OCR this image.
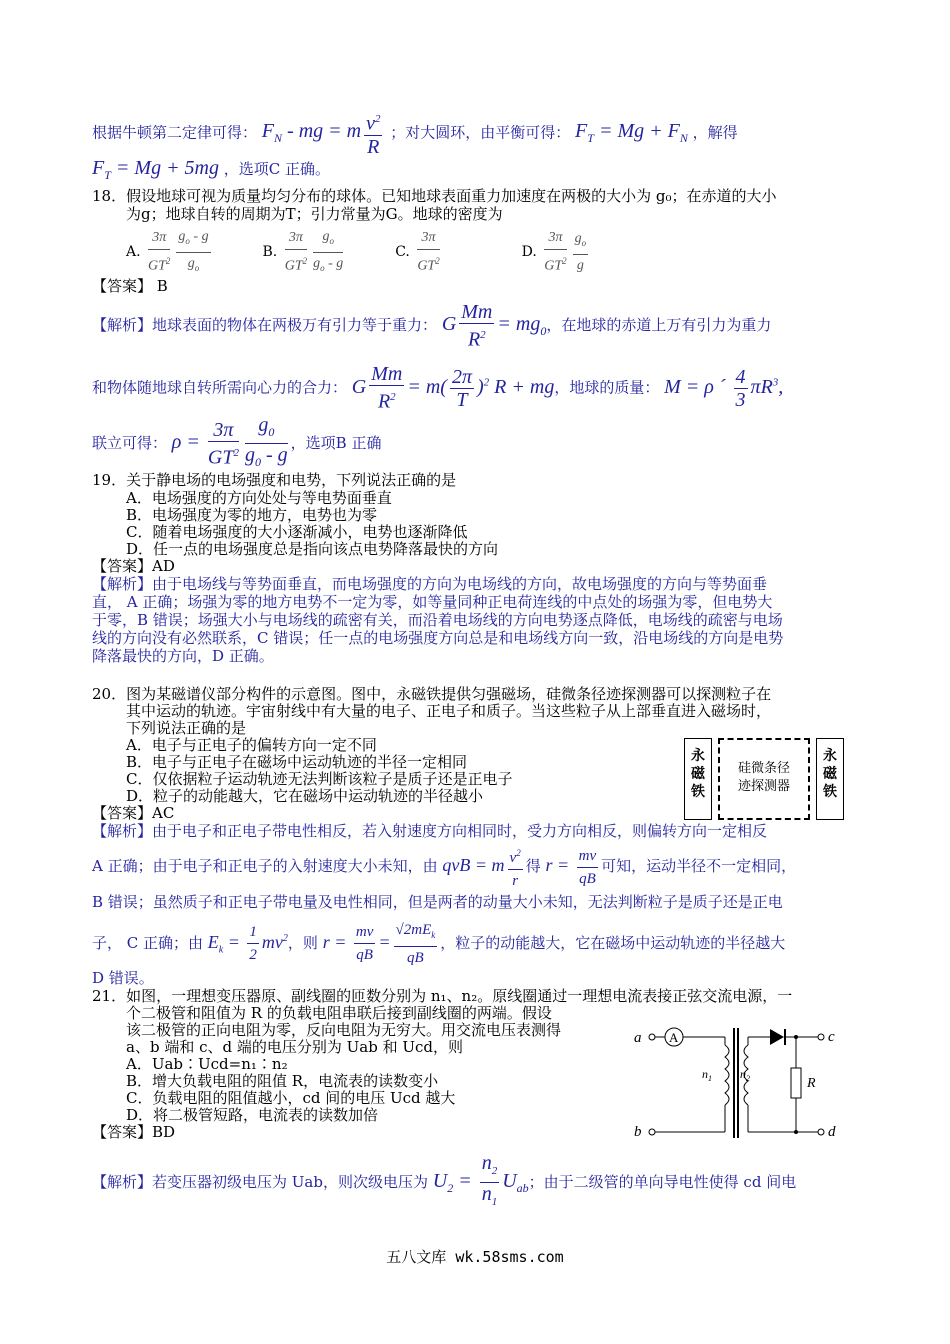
根据牛顿第二定律可得： $F_N$ - mg = m $\frac{v^2}{R}$ ；对大圆环，由平衡可得： $F_T = Mg + F_N$ ，解得
$F_T = Mg + 5mg$ ，选项C 正确。
18．假设地球可视为质量均匀分布的球体。已知地球表面重力加速度在两极的大小为 g₀；在赤道的大小
为g；地球自转的周期为T；引力常量为G。地球的密度为
A. $\frac{3\pi}{GT^2} \frac{g_o - g}{g_o}$	B. $\frac{3\pi}{GT^2} \frac{g_o}{g_o - g}$	C. $\frac{3\pi}{GT^2}$	D. $\frac{3\pi}{GT^2} \frac{g_o}{g}$
【答案】 B
【解析】地球表面的物体在两极万有引力等于重力： G $\frac{Mm}{R^2} = mg_0$，在地球的赤道上万有引力为重力
和物体随地球自转所需向心力的合力： G $\frac{Mm}{R^2} = m( \frac{2\pi}{T} )^2$ R + mg，地球的质量： M = ρ ´ $\frac{4}{3} \pi R^3$,
联立可得： $\rho = \frac{3\pi}{GT^2} \frac{g_0}{g_0 - g}$ ，选项B 正确
19．关于静电场的电场强度和电势，下列说法正确的是
A．电场强度的方向处处与等电势面垂直
B．电场强度为零的地方，电势也为零
C．随着电场强度的大小逐渐减小，电势也逐渐降低
D．任一点的电场强度总是指向该点电势降落最快的方向
【答案】AD
【解析】由于电场线与等势面垂直，而电场强度的方向为电场线的方向，故电场强度的方向与等势面垂
直， A 正确；场强为零的地方电势不一定为零，如等量同种正电荷连线的中点处的场强为零，但电势大
于零，B 错误；场强大小与电场线的疏密有关，而沿着电场线的方向电势逐点降低，电场线的疏密与电场
线的方向没有必然联系，C 错误；任一点的电场强度方向总是和电场线方向一致，沿电场线的方向是电势
降落最快的方向，D 正确。
20．图为某磁谱仪部分构件的示意图。图中，永磁铁提供匀强磁场，硅微条径迹探测器可以探测粒子在
其中运动的轨迹。宇宙射线中有大量的电子、正电子和质子。当这些粒子从上部垂直进入磁场时，
下列说法正确的是
A．电子与正电子的偏转方向一定不同
B．电子与正电子在磁场中运动轨迹的半径一定相同
C．仅依据粒子运动轨迹无法判断该粒子是质子还是正电子
D．粒子的动能越大，它在磁场中运动轨迹的半径越小
【答案】AC
永
磁
铁
硅微条径
迹探测器
永
磁
铁
【解析】由于电子和正电子带电性相反，若入射速度方向相同时，受力方向相反，则偏转方向一定相反
A 正确；由于电子和正电子的入射速度大小未知，由 qvB = m $\frac{v^2}{r}$ 得 $r = \frac{mv}{qB}$ 可知，运动半径不一定相同，
B 错误；虽然质子和正电子带电量及电性相同，但是两者的动量大小未知，无法判断粒子是质子还是正电
子， C 正确；由 $E_k = \frac{1}{2} mv^2$，则 $r = \frac{mv}{qB} = \frac{√2mE_k}{qB}$ ，粒子的动能越大，它在磁场中运动轨迹的半径越大
D 错误。
21．如图，一理想变压器原、副线圈的匝数分别为 n₁、n₂。原线圈通过一理想电流表接正弦交流电源，一
个二极管和阻值为 R 的负载电阻串联后接到副线圈的两端。假设
该二极管的正向电阻为零，反向电阻为无穷大。用交流电压表测得
a、b 端和 c、d 端的电压分别为 Uab 和 Ucd，则
A．Uab∶Ucd=n₁∶n₂
B．增大负载电阻的阻值 R，电流表的读数变小
C．负载电阻的阻值越小，cd 间的电压 Ucd 越大
D．将二极管短路，电流表的读数加倍
【答案】BD
a A
b
$n_1$ $n_2$
c
d
R
【解析】若变压器初级电压为 Uab，则次级电压为 $U_2 = \frac{n_2}{n_1} U_{ab}$；由于二级管的单向导电性使得 cd 间电
五八文库 wk.58sms.com
